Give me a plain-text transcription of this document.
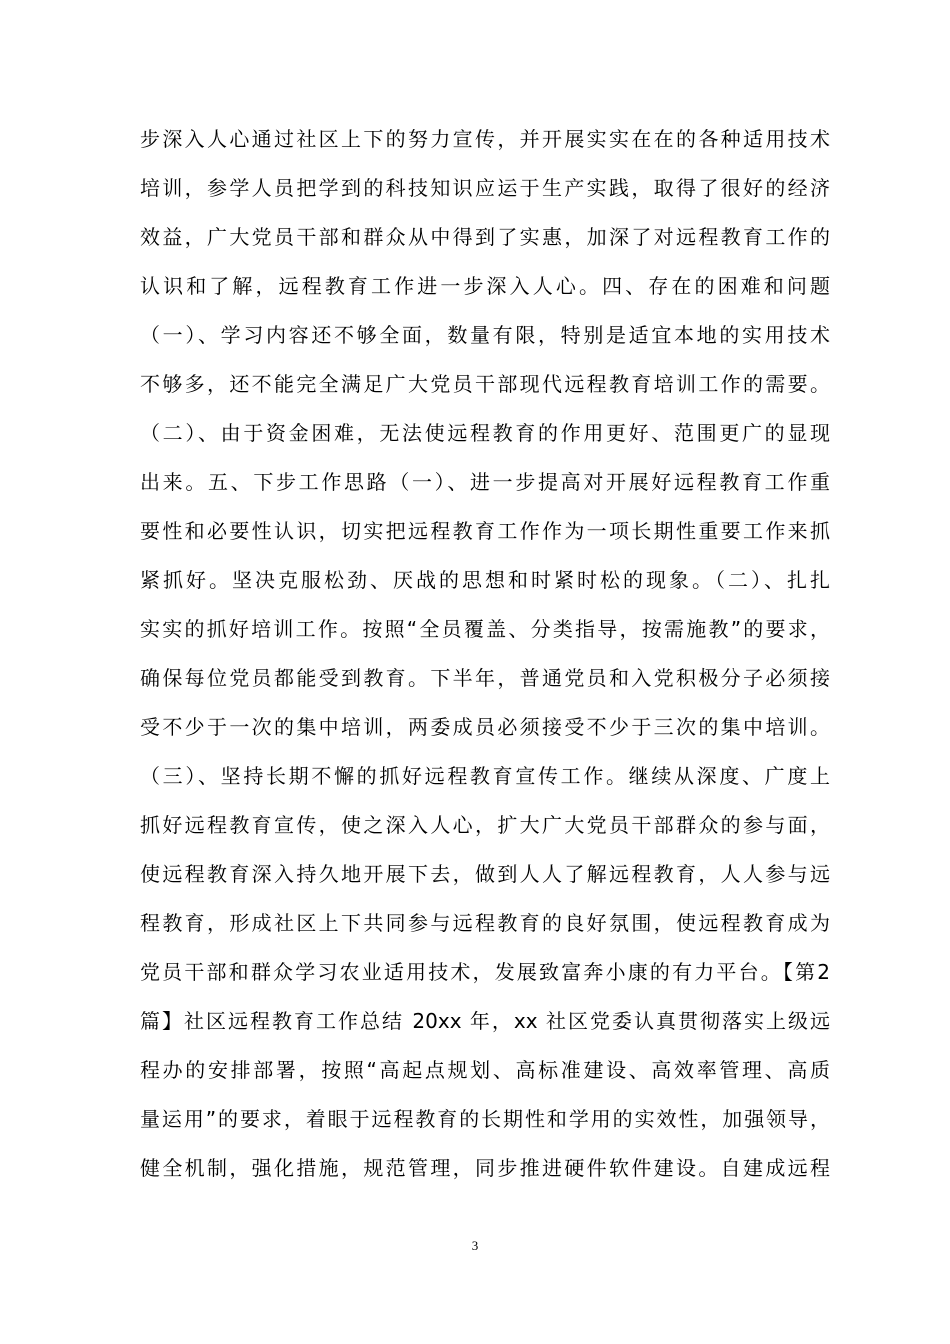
步深入人心通过社区上下的努力宣传，并开展实实在在的各种适用技术
培训，参学人员把学到的科技知识应运于生产实践，取得了很好的经济
效益，广大党员干部和群众从中得到了实惠，加深了对远程教育工作的
认识和了解，远程教育工作进一步深入人心。四、存在的困难和问题
（一）、学习内容还不够全面，数量有限，特别是适宜本地的实用技术
不够多，还不能完全满足广大党员干部现代远程教育培训工作的需要。
（二）、由于资金困难，无法使远程教育的作用更好、范围更广的显现
出来。五、下步工作思路（一）、进一步提高对开展好远程教育工作重
要性和必要性认识，切实把远程教育工作作为一项长期性重要工作来抓
紧抓好。坚决克服松劲、厌战的思想和时紧时松的现象。（二）、扎扎
实实的抓好培训工作。按照“全员覆盖、分类指导，按需施教”的要求，
确保每位党员都能受到教育。下半年，普通党员和入党积极分子必须接
受不少于一次的集中培训，两委成员必须接受不少于三次的集中培训。
（三）、坚持长期不懈的抓好远程教育宣传工作。继续从深度、广度上
抓好远程教育宣传，使之深入人心，扩大广大党员干部群众的参与面，
使远程教育深入持久地开展下去，做到人人了解远程教育，人人参与远
程教育，形成社区上下共同参与远程教育的良好氛围，使远程教育成为
党员干部和群众学习农业适用技术，发展致富奔小康的有力平台。【第2
篇】社区远程教育工作总结 20xx 年，xx 社区党委认真贯彻落实上级远
程办的安排部署，按照“高起点规划、高标准建设、高效率管理、高质
量运用”的要求，着眼于远程教育的长期性和学用的实效性，加强领导，
健全机制，强化措施，规范管理，同步推进硬件软件建设。自建成远程
3
